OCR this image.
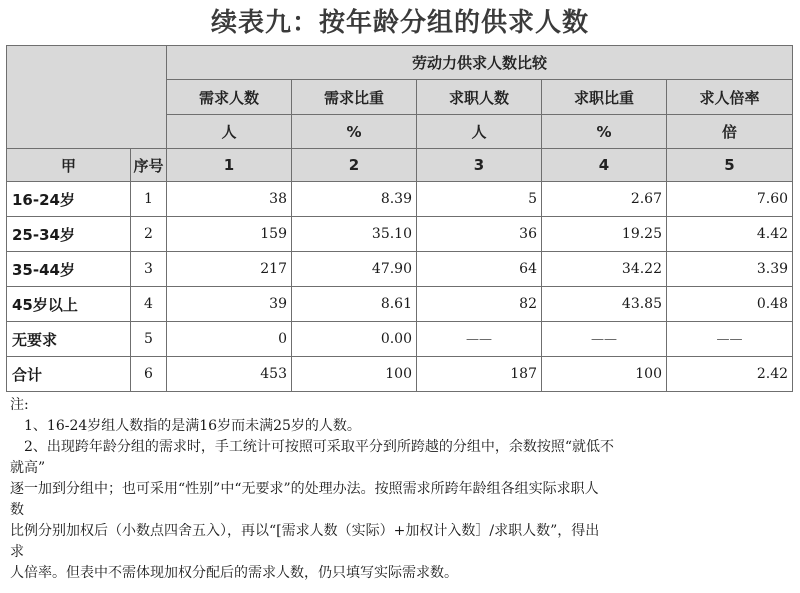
续表九：按年龄分组的供求人数
		劳动力供求人数比较				
		需求人数	需求比重	求职人数	求职比重	求人倍率
		人	%	人	%	倍
甲	序号	1	2	3	4	5
16-24岁	1	38	8.39	5	2.67	7.60
25-34岁	2	159	35.10	36	19.25	4.42
35-44岁	3	217	47.90	64	34.22	3.39
45岁以上	4	39	8.61	82	43.85	0.48
无要求	5	0	0.00	——	——	——
合计	6	453	100	187	100	2.42

注:

1、16-24岁组人数指的是满16岁而未满25岁的人数。

2、出现跨年龄分组的需求时，手工统计可按照可采取平分到所跨越的分组中，余数按照“就低不

就高”

逐一加到分组中；也可采用“性别”中“无要求”的处理办法。按照需求所跨年龄组各组实际求职人

数

比例分别加权后（小数点四舍五入），再以“[需求人数（实际）+加权计入数］/求职人数”，得出

求

人倍率。但表中不需体现加权分配后的需求人数，仍只填写实际需求数。
